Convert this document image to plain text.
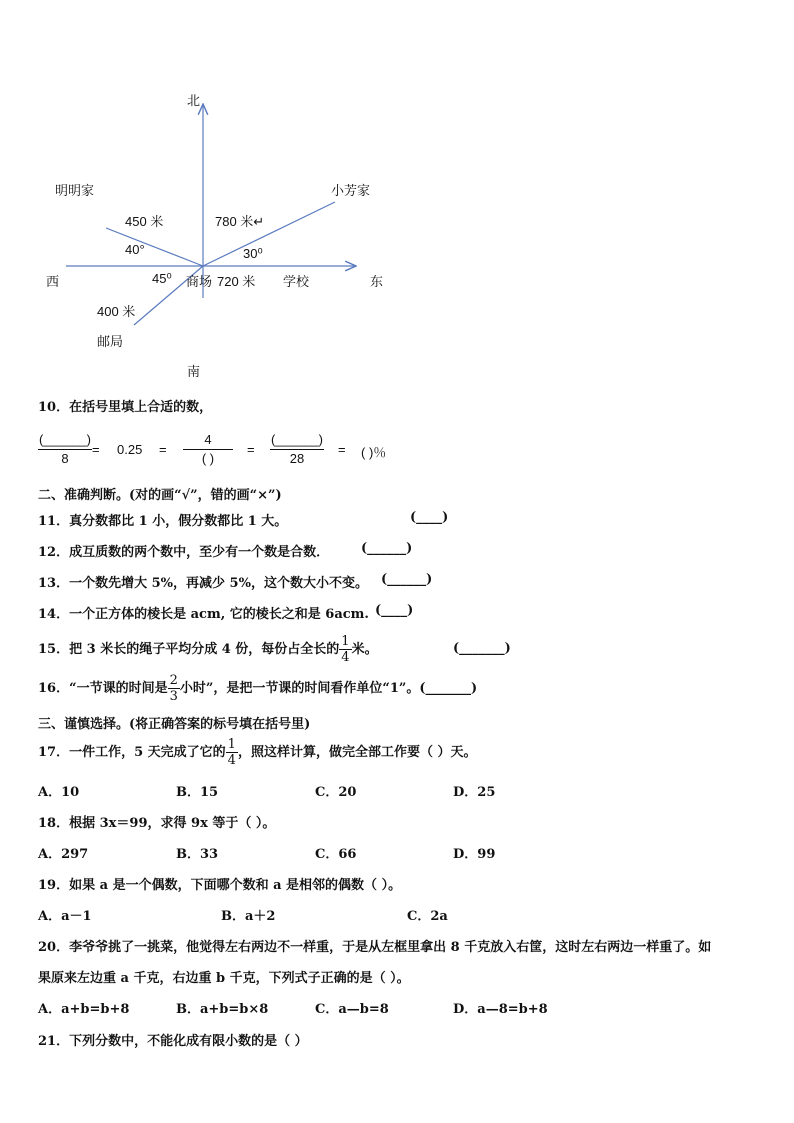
北
南
东
西	商场
明明家	小芳家
邮局
学校
450 米	780 米↵
400 米
720 米
40°	30⁰
45⁰
10．在括号里填上合适的数，
(______)
8
= 0.25 =
4
( )
=
(______)
28
= ( )％
二、准确判断。(对的画“√”，错的画“×”)
11．真分数都比 1 小，假分数都比 1 大。	(____)
12．成互质数的两个数中，至少有一个数是合数． (______)
13．一个数先增大 5%，再减少 5%，这个数大小不变。 (______)
14．一个正方体的棱长是 acm, 它的棱长之和是 6acm. (____)
15．把 3 米长的绳子平均分成 4 份，每份占全长的 $\frac{1}{4}$ 米。	(_______)
16．“一节课的时间是 $\frac{2}{3}$ 小时”，是把一节课的时间看作单位“1”。(_______)
三、谨慎选择。(将正确答案的标号填在括号里)
17．一件工作，5 天完成了它的 $\frac{1}{4}$ ，照这样计算，做完全部工作要（ ）天。
A．10	B．15	C．20	D．25
18．根据 3x＝99，求得 9x 等于（ ）。
A．297	B．33	C．66	D．99
19．如果 a 是一个偶数，下面哪个数和 a 是相邻的偶数（ ）。
A．a－1	B．a＋2	C．2a
20．李爷爷挑了一挑菜，他觉得左右两边不一样重，于是从左框里拿出 8 千克放入右筐，这时左右两边一样重了。如
果原来左边重 a 千克，右边重 b 千克，下列式子正确的是（ ）。
A．a+b=b+8	B．a+b=b×8	C．a—b=8	D．a—8=b+8
21．下列分数中，不能化成有限小数的是（ ）
